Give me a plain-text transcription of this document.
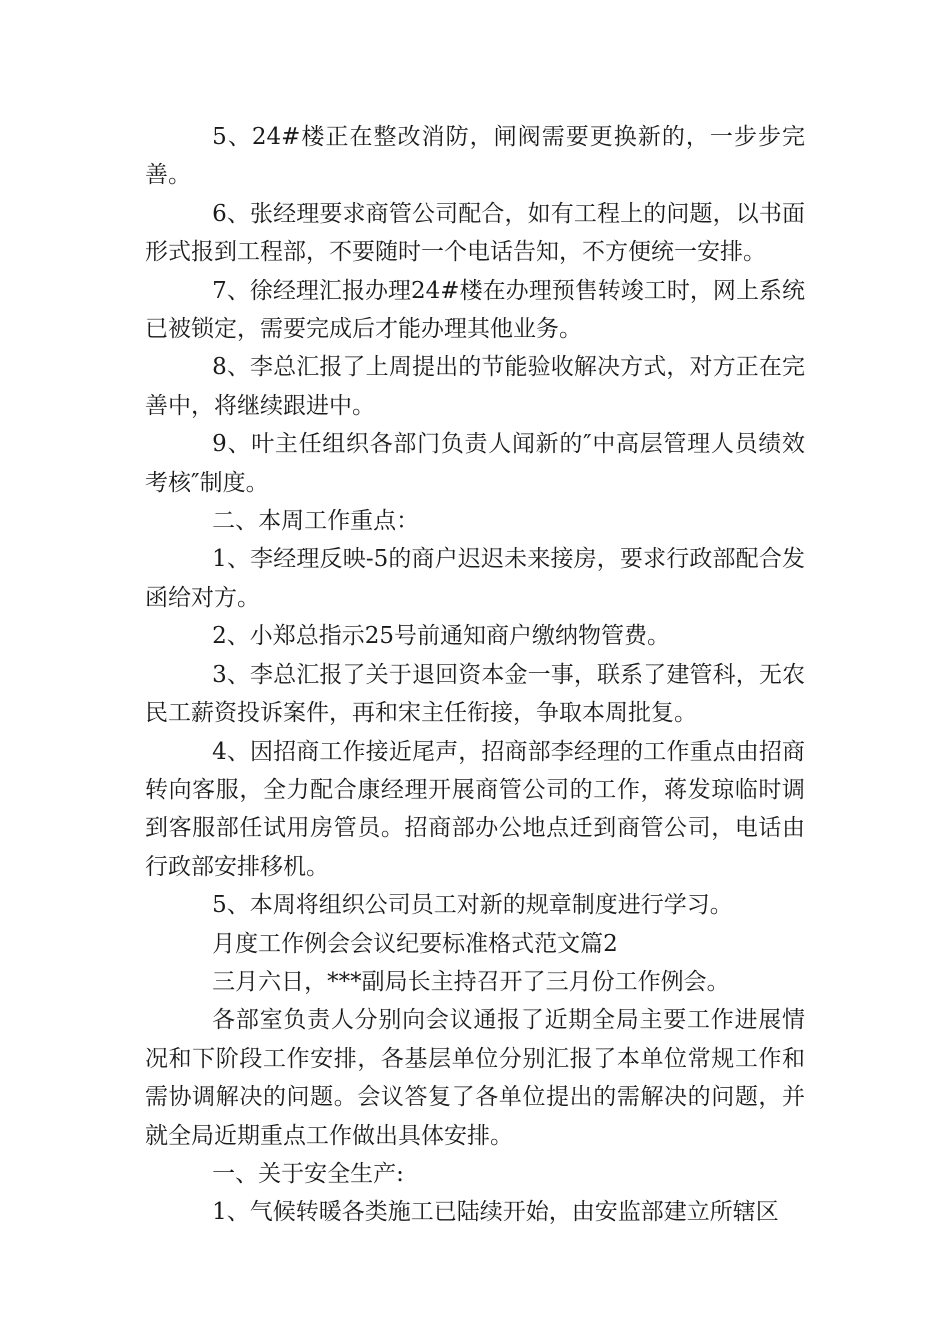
5、24#楼正在整改消防，闸阀需要更换新的，一步步完善。

6、张经理要求商管公司配合，如有工程上的问题，以书面形式报到工程部，不要随时一个电话告知，不方便统一安排。

7、徐经理汇报办理24#楼在办理预售转竣工时，网上系统已被锁定，需要完成后才能办理其他业务。

8、李总汇报了上周提出的节能验收解决方式，对方正在完善中，将继续跟进中。

9、叶主任组织各部门负责人闻新的″中高层管理人员绩效考核″制度。

二、本周工作重点：

1、李经理反映-5的商户迟迟未来接房，要求行政部配合发函给对方。

2、小郑总指示25号前通知商户缴纳物管费。

3、李总汇报了关于退回资本金一事，联系了建管科，无农民工薪资投诉案件，再和宋主任衔接，争取本周批复。

4、因招商工作接近尾声，招商部李经理的工作重点由招商转向客服，全力配合康经理开展商管公司的工作，蒋发琼临时调到客服部任试用房管员。招商部办公地点迁到商管公司，电话由行政部安排移机。

5、本周将组织公司员工对新的规章制度进行学习。

月度工作例会会议纪要标准格式范文篇2

三月六日，***副局长主持召开了三月份工作例会。

各部室负责人分别向会议通报了近期全局主要工作进展情况和下阶段工作安排，各基层单位分别汇报了本单位常规工作和需协调解决的问题。会议答复了各单位提出的需解决的问题，并就全局近期重点工作做出具体安排。

一、关于安全生产:

1、气候转暖各类施工已陆续开始，由安监部建立所辖区
